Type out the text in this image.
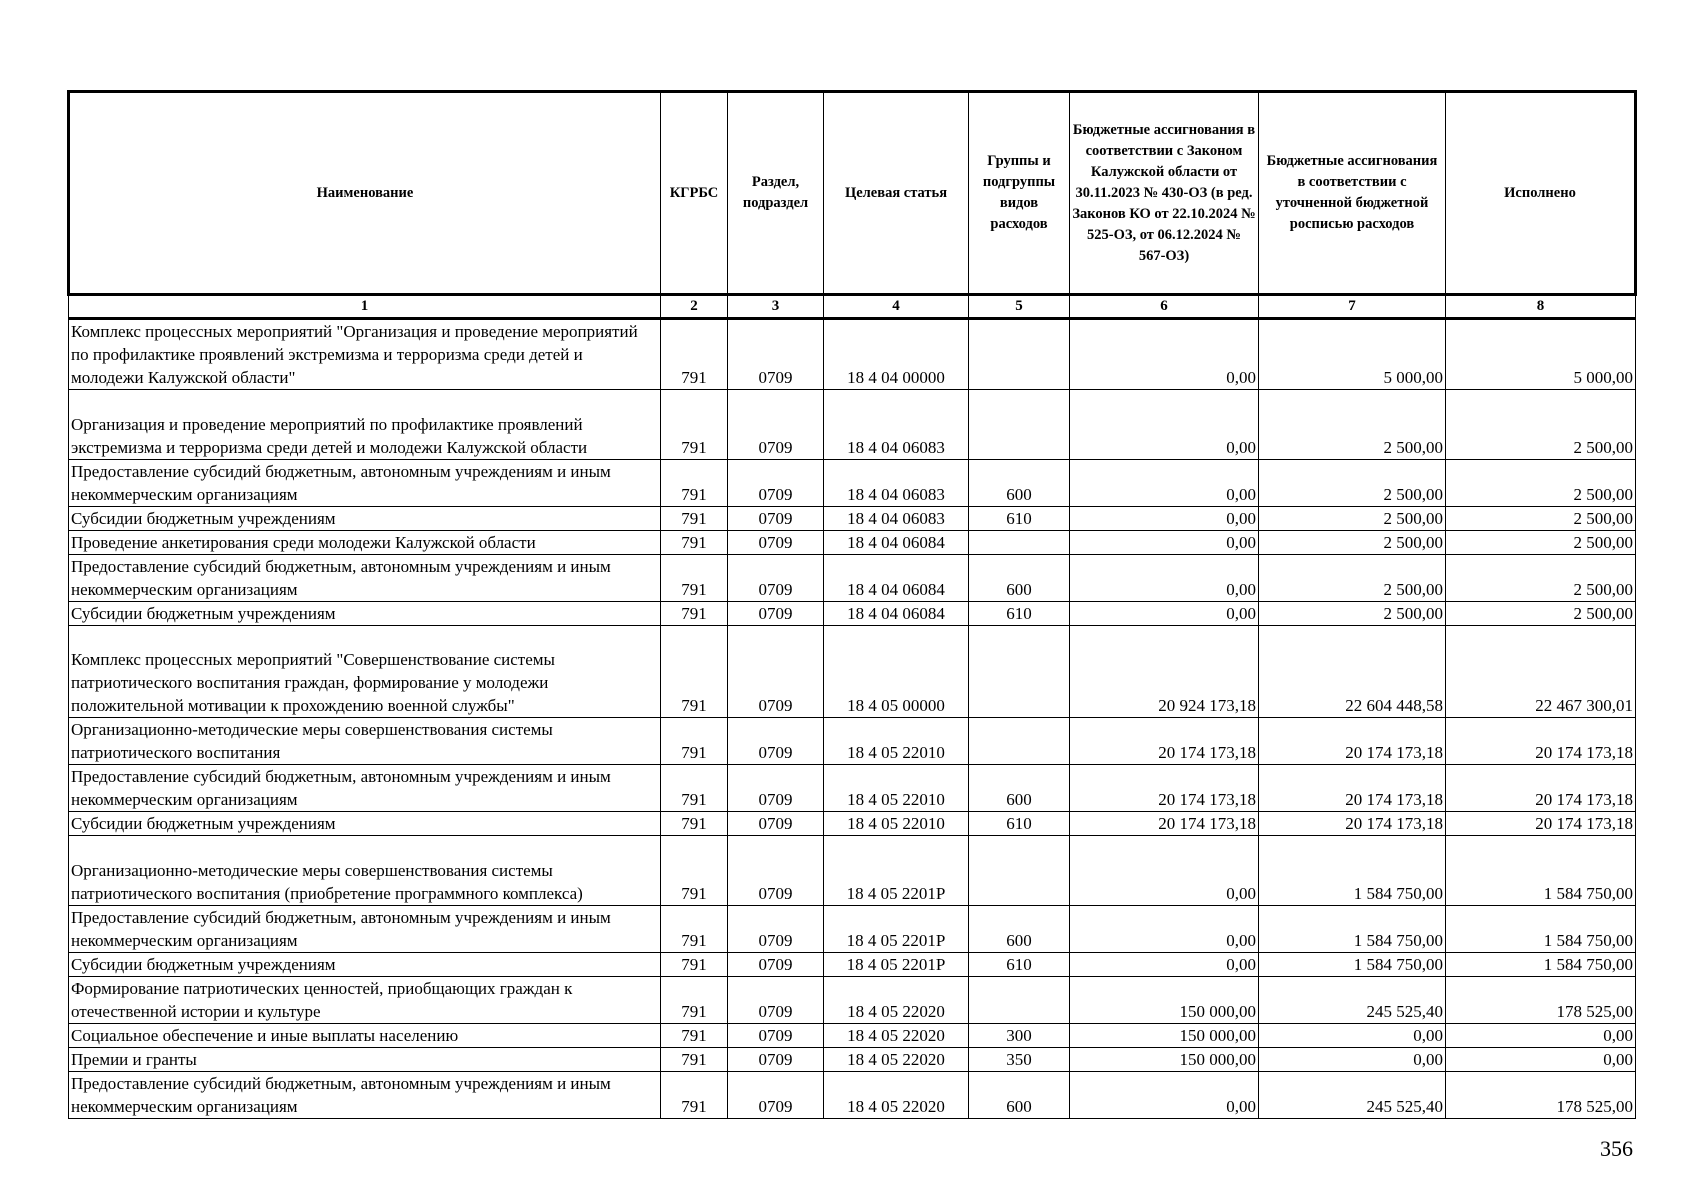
Наименование	КГРБС	Раздел, подраздел	Целевая статья	Группы и подгруппы видов расходов	Бюджетные ассигнования в соответствии с Законом Калужской области от 30.11.2023 № 430-ОЗ (в ред. Законов КО от 22.10.2024 № 525-ОЗ, от 06.12.2024 № 567-ОЗ)	Бюджетные ассигнования в соответствии с уточненной бюджетной росписью расходов	Исполнено
1	2	3	4	5	6	7	8
Комплекс процессных мероприятий "Организация и проведение мероприятий по профилактике проявлений экстремизма и терроризма среди детей и молодежи Калужской области"	791	0709	18 4 04 00000		0,00	5 000,00	5 000,00
Организация и проведение мероприятий по профилактике проявлений экстремизма и терроризма среди детей и молодежи Калужской области	791	0709	18 4 04 06083		0,00	2 500,00	2 500,00
Предоставление субсидий бюджетным, автономным учреждениям и иным некоммерческим организациям	791	0709	18 4 04 06083	600	0,00	2 500,00	2 500,00
Субсидии бюджетным учреждениям	791	0709	18 4 04 06083	610	0,00	2 500,00	2 500,00
Проведение анкетирования среди молодежи Калужской области	791	0709	18 4 04 06084		0,00	2 500,00	2 500,00
Предоставление субсидий бюджетным, автономным учреждениям и иным некоммерческим организациям	791	0709	18 4 04 06084	600	0,00	2 500,00	2 500,00
Субсидии бюджетным учреждениям	791	0709	18 4 04 06084	610	0,00	2 500,00	2 500,00
Комплекс процессных мероприятий "Совершенствование системы патриотического воспитания граждан, формирование у молодежи положительной мотивации к прохождению военной службы"	791	0709	18 4 05 00000		20 924 173,18	22 604 448,58	22 467 300,01
Организационно-методические меры совершенствования системы патриотического воспитания	791	0709	18 4 05 22010		20 174 173,18	20 174 173,18	20 174 173,18
Предоставление субсидий бюджетным, автономным учреждениям и иным некоммерческим организациям	791	0709	18 4 05 22010	600	20 174 173,18	20 174 173,18	20 174 173,18
Субсидии бюджетным учреждениям	791	0709	18 4 05 22010	610	20 174 173,18	20 174 173,18	20 174 173,18
Организационно-методические меры совершенствования системы патриотического воспитания (приобретение программного комплекса)	791	0709	18 4 05 2201Р		0,00	1 584 750,00	1 584 750,00
Предоставление субсидий бюджетным, автономным учреждениям и иным некоммерческим организациям	791	0709	18 4 05 2201Р	600	0,00	1 584 750,00	1 584 750,00
Субсидии бюджетным учреждениям	791	0709	18 4 05 2201Р	610	0,00	1 584 750,00	1 584 750,00
Формирование патриотических ценностей, приобщающих граждан к отечественной истории и культуре	791	0709	18 4 05 22020		150 000,00	245 525,40	178 525,00
Социальное обеспечение и иные выплаты населению	791	0709	18 4 05 22020	300	150 000,00	0,00	0,00
Премии и гранты	791	0709	18 4 05 22020	350	150 000,00	0,00	0,00
Предоставление субсидий бюджетным, автономным учреждениям и иным некоммерческим организациям	791	0709	18 4 05 22020	600	0,00	245 525,40	178 525,00
356
